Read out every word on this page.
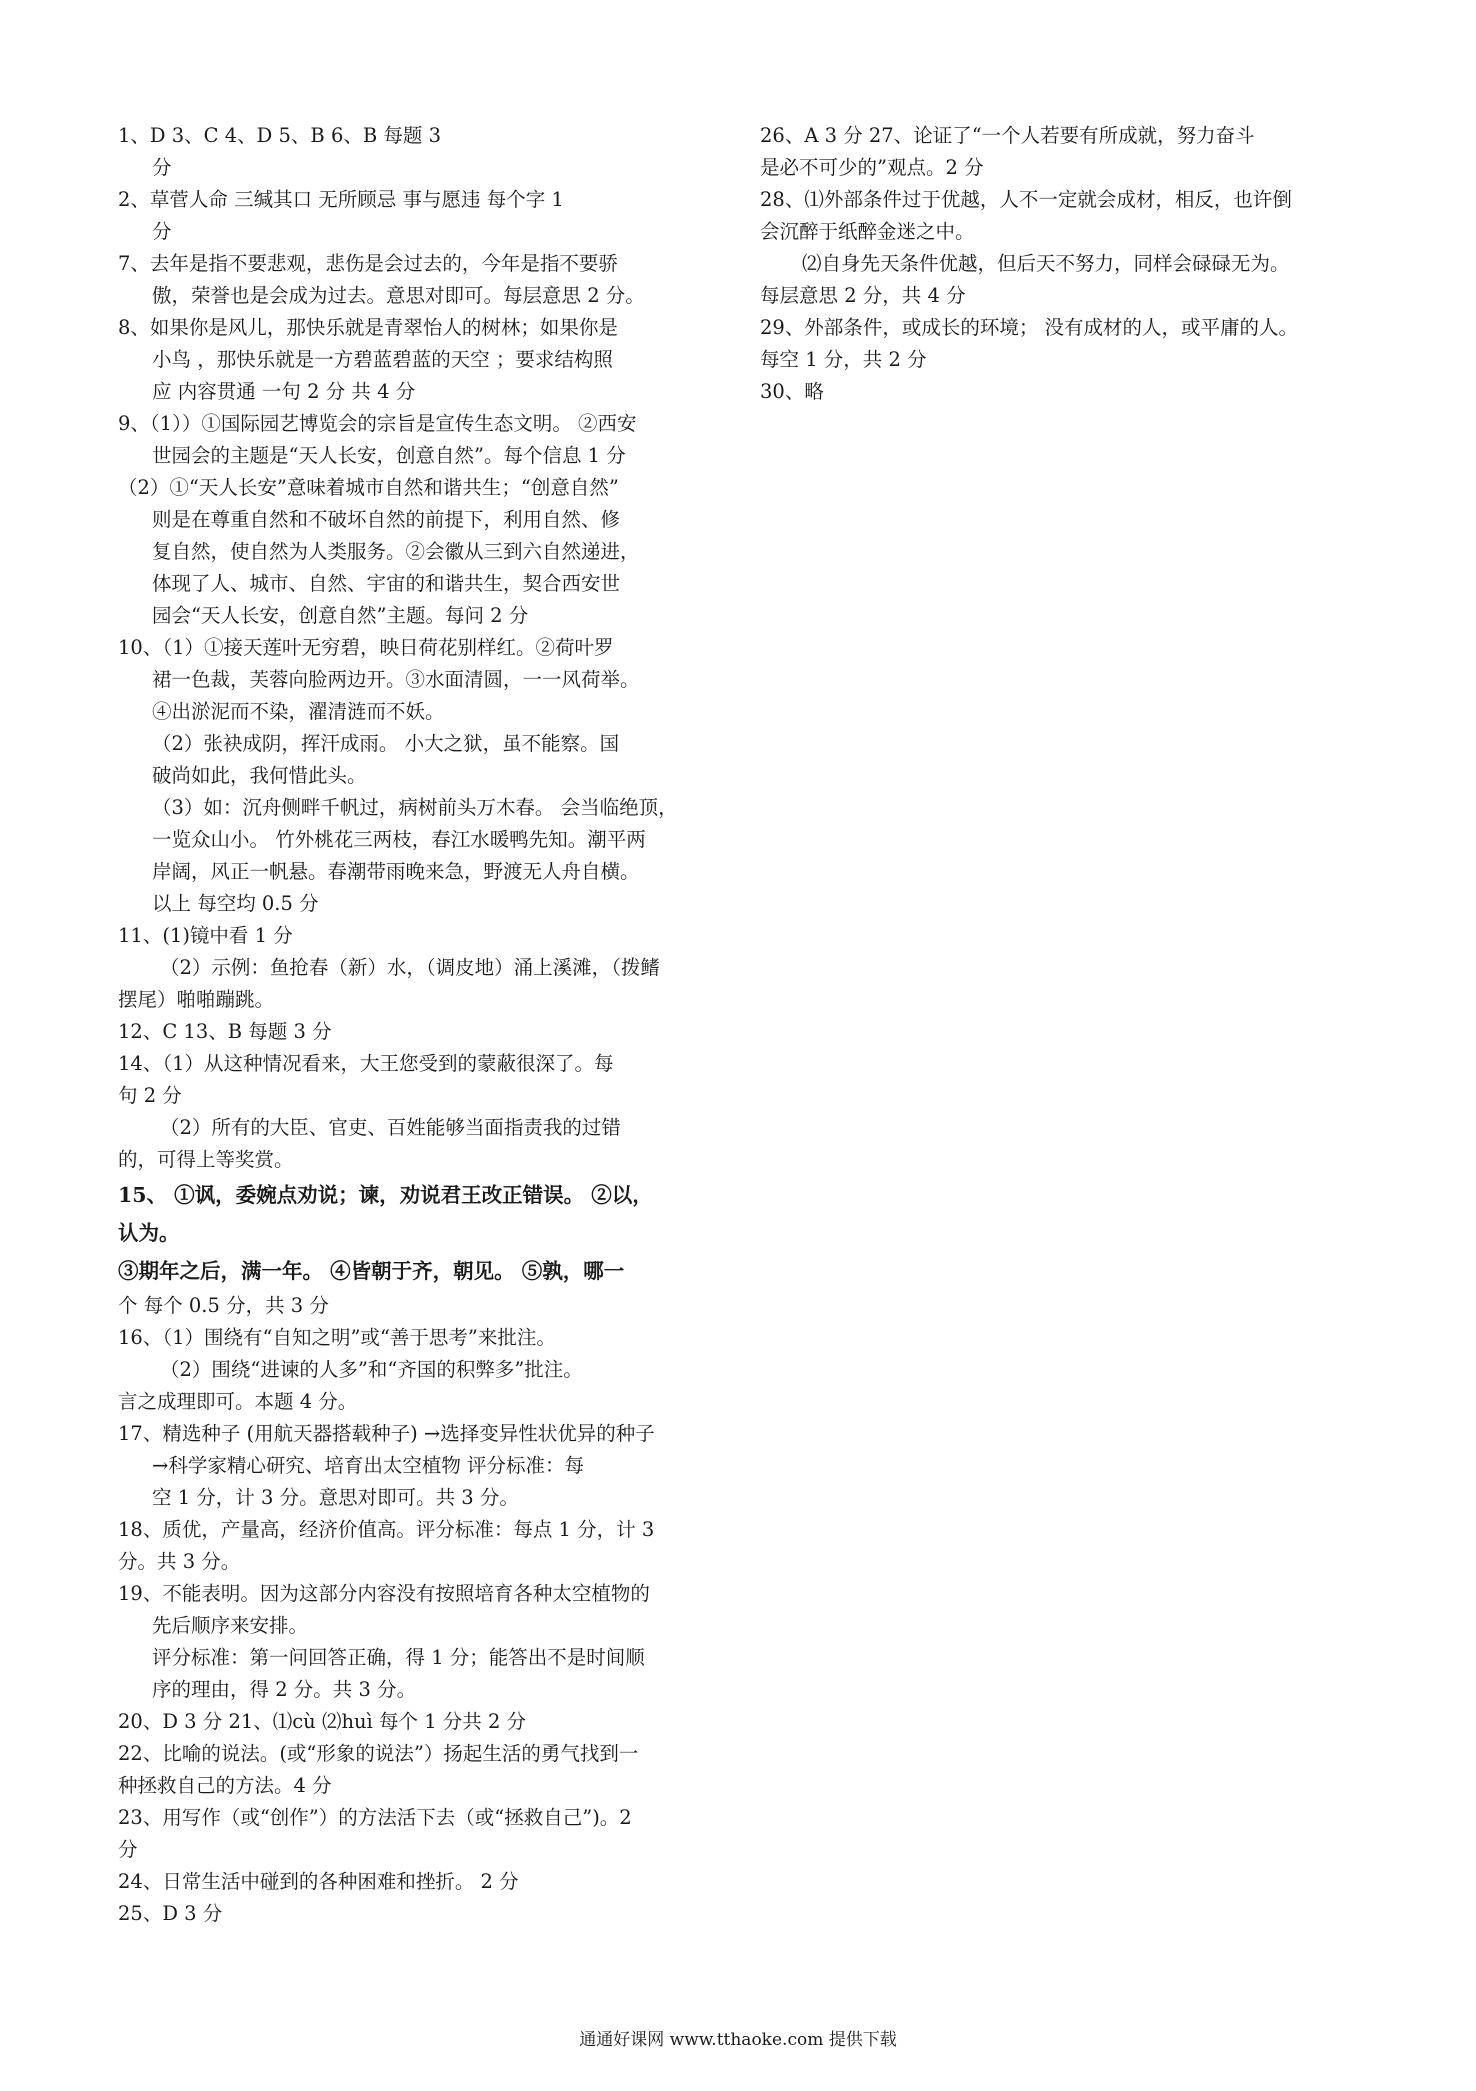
1、D 3、C 4、D 5、B 6、B 每题 3
分
2、草菅人命 三缄其口 无所顾忌 事与愿违 每个字 1
分
7、去年是指不要悲观，悲伤是会过去的，今年是指不要骄
傲，荣誉也是会成为过去。意思对即可。每层意思 2 分。
8、如果你是风儿，那快乐就是青翠怡人的树林；如果你是
小鸟 ，那快乐就是一方碧蓝碧蓝的天空 ；要求结构照
应 内容贯通 一句 2 分 共 4 分
9、（1））①国际园艺博览会的宗旨是宣传生态文明。 ②西安
世园会的主题是“天人长安，创意自然”。每个信息 1 分
（2）①“天人长安”意味着城市自然和谐共生；“创意自然”
则是在尊重自然和不破坏自然的前提下，利用自然、修
复自然，使自然为人类服务。②会徽从三到六自然递进，
体现了人、城市、自然、宇宙的和谐共生，契合西安世
园会“天人长安，创意自然”主题。每问 2 分
10、（1）①接天莲叶无穷碧，映日荷花别样红。②荷叶罗
裙一色裁，芙蓉向脸两边开。③水面清圆，一一风荷举。
④出淤泥而不染，濯清涟而不妖。
（2）张袂成阴，挥汗成雨。 小大之狱，虽不能察。国
破尚如此，我何惜此头。
（3）如：沉舟侧畔千帆过，病树前头万木春。 会当临绝顶，
一览众山小。 竹外桃花三两枝，春江水暖鸭先知。潮平两
岸阔，风正一帆悬。春潮带雨晚来急，野渡无人舟自横。
以上 每空均 0.5 分
11、(1)镜中看 1 分
（2）示例：鱼抢春（新）水，（调皮地）涌上溪滩，（拨鳍
摆尾）啪啪蹦跳。
12、C 13、B 每题 3 分
14、（1）从这种情况看来，大王您受到的蒙蔽很深了。每
句 2 分
（2）所有的大臣、官吏、百姓能够当面指责我的过错
的，可得上等奖赏。
15、 ①讽，委婉点劝说；谏，劝说君王改正错误。 ②以，
认为。
③期年之后，满一年。 ④皆朝于齐，朝见。 ⑤孰，哪一
个 每个 0.5 分，共 3 分
16、（1）围绕有“自知之明”或“善于思考”来批注。
（2）围绕“进谏的人多”和“齐国的积弊多”批注。
言之成理即可。本题 4 分。
17、精选种子 (用航天器搭载种子) →选择变异性状优异的种子
→科学家精心研究、培育出太空植物 评分标准：每
空 1 分，计 3 分。意思对即可。共 3 分。
18、质优，产量高，经济价值高。评分标准：每点 1 分，计 3
分。共 3 分。
19、不能表明。因为这部分内容没有按照培育各种太空植物的
先后顺序来安排。
评分标准：第一问回答正确，得 1 分；能答出不是时间顺
序的理由，得 2 分。共 3 分。
20、D 3 分 21、⑴cù ⑵huì 每个 1 分共 2 分
22、比喻的说法。(或“形象的说法”）扬起生活的勇气找到一
种拯救自己的方法。4 分
23、用写作（或“创作”）的方法活下去（或“拯救自己”)。2
分
24、日常生活中碰到的各种困难和挫折。 2 分
25、D 3 分
26、A 3 分 27、论证了“一个人若要有所成就，努力奋斗
是必不可少的”观点。2 分
28、⑴外部条件过于优越，人不一定就会成材，相反，也许倒
会沉醉于纸醉金迷之中。
⑵自身先天条件优越，但后天不努力，同样会碌碌无为。
每层意思 2 分，共 4 分
29、外部条件，或成长的环境； 没有成材的人，或平庸的人。
每空 1 分，共 2 分
30、略
通通好课网 www.tthaoke.com 提供下载
